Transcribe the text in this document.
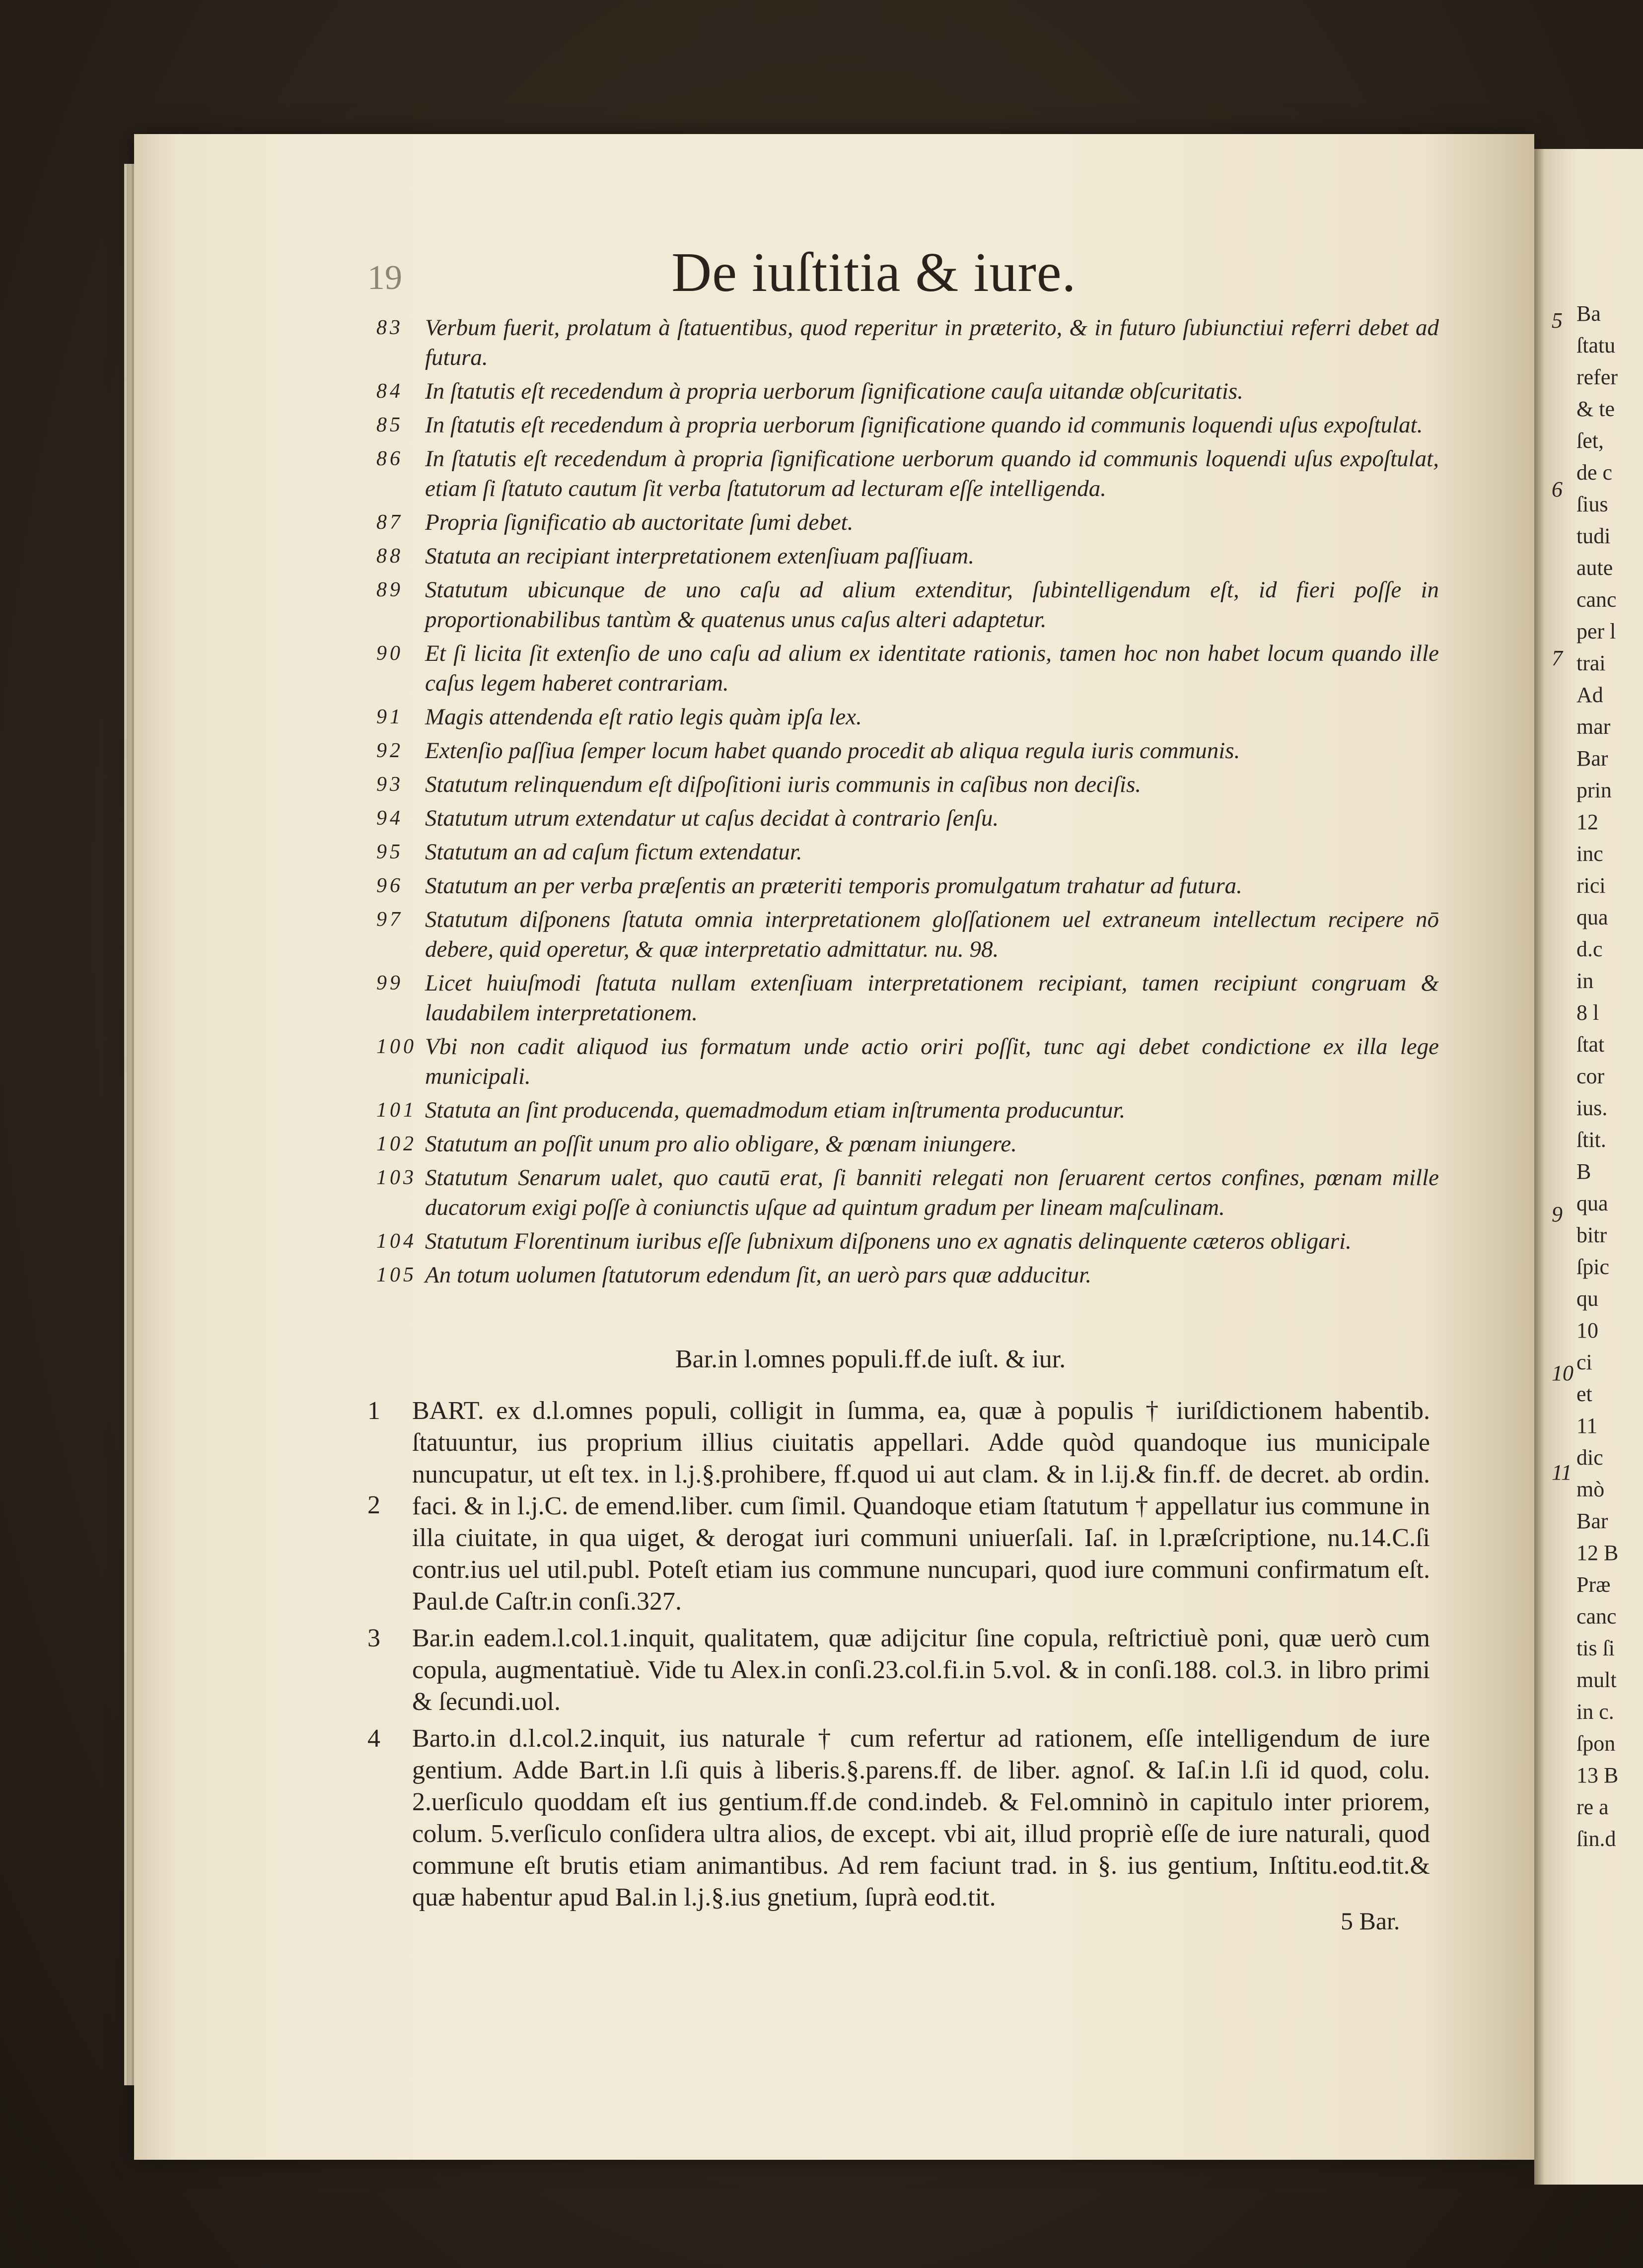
19	De iuſtitia & iure.
83 Verbum fuerit, prolatum à ſtatuentibus, quod reperitur in præterito, & in futuro ſubiunctiui referri debet ad futura.
84 In ſtatutis eſt recedendum à propria uerborum ſignificatione cauſa uitandæ obſcuritatis.
85 In ſtatutis eſt recedendum à propria uerborum ſignificatione quando id communis loquendi uſus expoſtulat.
86 In ſtatutis eſt recedendum à propria ſignificatione uerborum quando id communis loquendi uſus expoſtulat, etiam ſi ſtatuto cautum ſit verba ſtatutorum ad lecturam eſſe intelligenda.
87 Propria ſignificatio ab auctoritate ſumi debet.
88 Statuta an recipiant interpretationem extenſiuam paſſiuam.
89 Statutum ubicunque de uno caſu ad alium extenditur, ſubintelligendum eſt, id fieri poſſe in proportionabilibus tantùm & quatenus unus caſus alteri adaptetur.
90 Et ſi licita ſit extenſio de uno caſu ad alium ex identitate rationis, tamen hoc non habet locum quando ille caſus legem haberet contrariam.
91 Magis attendenda eſt ratio legis quàm ipſa lex.
92 Extenſio paſſiua ſemper locum habet quando procedit ab aliqua regula iuris communis.
93 Statutum relinquendum eſt diſpoſitioni iuris communis in caſibus non deciſis.
94 Statutum utrum extendatur ut caſus decidat à contrario ſenſu.
95 Statutum an ad caſum fictum extendatur.
96 Statutum an per verba præſentis an præteriti temporis promulgatum trahatur ad futura.
97 Statutum diſponens ſtatuta omnia interpretationem gloſſationem uel extraneum intellectum recipere nō debere, quid operetur, & quæ interpretatio admittatur. nu. 98.
99 Licet huiuſmodi ſtatuta nullam extenſiuam interpretationem recipiant, tamen recipiunt congruam & laudabilem interpretationem.
100 Vbi non cadit aliquod ius formatum unde actio oriri poſſit, tunc agi debet condictione ex illa lege municipali.
101 Statuta an ſint producenda, quemadmodum etiam inſtrumenta producuntur.
102 Statutum an poſſit unum pro alio obligare, & pœnam iniungere.
103 Statutum Senarum ualet, quo cautū erat, ſi banniti relegati non ſeruarent certos confines, pœnam mille ducatorum exigi poſſe à coniunctis uſque ad quintum gradum per lineam maſculinam.
104 Statutum Florentinum iuribus eſſe ſubnixum diſponens uno ex agnatis delinquente cæteros obligari.
105 An totum uolumen ſtatutorum edendum ſit, an uerò pars quæ adducitur.
Bar.in l.omnes populi.ff.de iuſt. & iur.
1 BART. ex d.l.omnes populi, colligit in ſumma, ea, quæ à populis † iuriſdictionem habentib. ſtatuuntur, ius proprium illius ciuitatis appellari. Adde quòd quandoque ius municipale nuncupatur, ut eſt tex. in l.j.§.prohibere, ff.quod ui aut clam. & in l.ij.& fin.ff. de decret. ab ordin. faci. & in l.j.C. de emend.liber. cum ſimil. Quandoque etiam ſtatutum † appellatur ius commune in illa ciuitate, in qua uiget, & derogat iuri communi uniuerſali. Iaſ. in l.præſcriptione, nu.14.C.ſi contr.ius uel util.publ. Poteſt etiam ius commune nuncupari, quod iure communi confirmatum eſt. Paul.de Caſtr.in conſi.327.
3 Bar.in eadem.l.col.1.inquit, qualitatem, quæ adijcitur ſine copula, reſtrictiuè poni, quæ uerò cum copula, augmentatiuè. Vide tu Alex.in conſi.23.col.fi.in 5.vol. & in conſi.188. col.3. in libro primi & ſecundi.uol.
4 Barto.in d.l.col.2.inquit, ius naturale † cum refertur ad rationem, eſſe intelligendum de iure gentium. Adde Bart.in l.ſi quis à liberis.§.parens.ff. de liber. agnoſ. & Iaſ.in l.ſi id quod, colu. 2.uerſiculo quoddam eſt ius gentium.ff.de cond.indeb. & Fel.omninò in capitulo inter priorem, colum. 5.verſiculo conſidera ultra alios, de except. vbi ait, illud propriè eſſe de iure naturali, quod commune eſt brutis etiam animantibus. Ad rem faciunt trad. in §. ius gentium, Inſtitu.eod.tit.& quæ habentur apud Bal.in l.j.§.ius gnetium, ſuprà eod.tit.
2
5 Bar.
Ba
ſtatu
refer
& te
ſet,
de c
ſius
tudi
aute
canc
per l
trai
Ad
mar
Bar
prin
12
inc
rici
qua
d.c
in
8 l
ſtat
cor
ius.
ſtit.
B
qua
bitr
ſpic
qu
10
ci
et
11
dic
mò
Bar
12 B
Præ
canc
tis ſi
mult
in c.
ſpon
13 B
re a
ſin.d
5
6
7
9
10
11
